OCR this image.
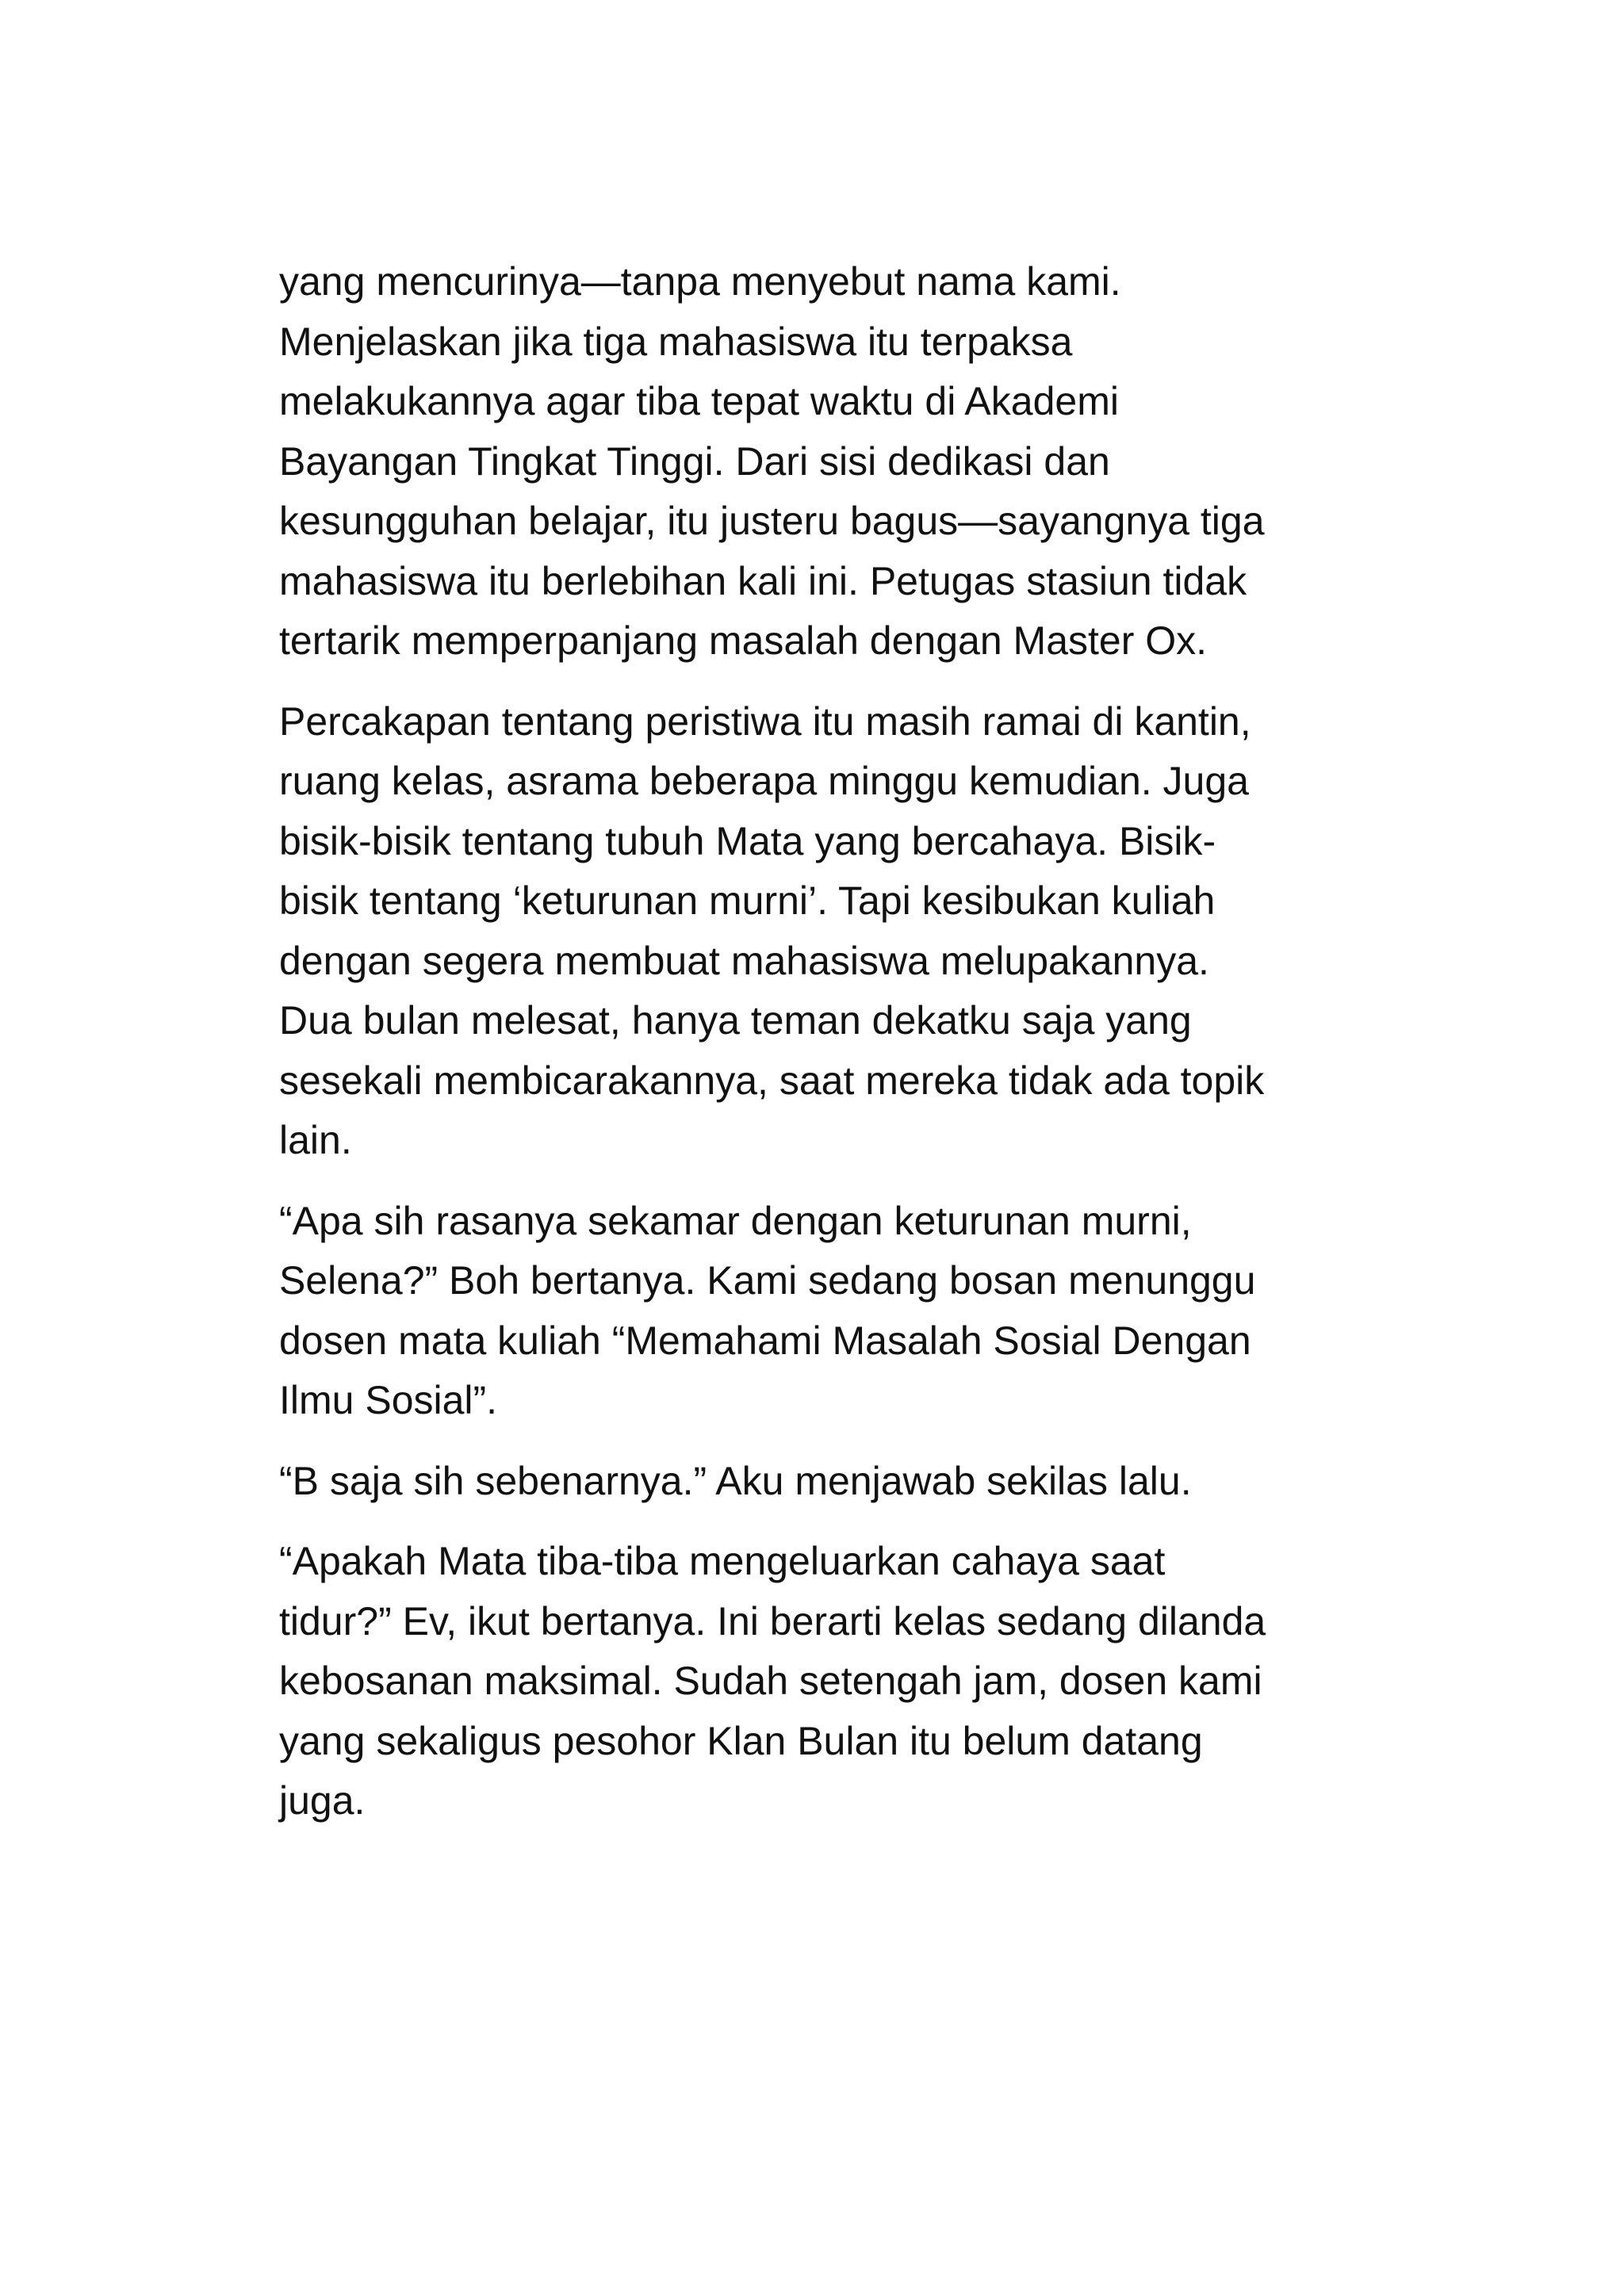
yang mencurinya—tanpa menyebut nama kami.
Menjelaskan jika tiga mahasiswa itu terpaksa
melakukannya agar tiba tepat waktu di Akademi
Bayangan Tingkat Tinggi. Dari sisi dedikasi dan
kesungguhan belajar, itu justeru bagus—sayangnya tiga
mahasiswa itu berlebihan kali ini. Petugas stasiun tidak
tertarik memperpanjang masalah dengan Master Ox.

Percakapan tentang peristiwa itu masih ramai di kantin,
ruang kelas, asrama beberapa minggu kemudian. Juga
bisik-bisik tentang tubuh Mata yang bercahaya. Bisik-
bisik tentang ‘keturunan murni’. Tapi kesibukan kuliah
dengan segera membuat mahasiswa melupakannya.
Dua bulan melesat, hanya teman dekatku saja yang
sesekali membicarakannya, saat mereka tidak ada topik
lain.

“Apa sih rasanya sekamar dengan keturunan murni,
Selena?” Boh bertanya. Kami sedang bosan menunggu
dosen mata kuliah “Memahami Masalah Sosial Dengan
Ilmu Sosial”.

“B saja sih sebenarnya.” Aku menjawab sekilas lalu.

“Apakah Mata tiba-tiba mengeluarkan cahaya saat
tidur?” Ev, ikut bertanya. Ini berarti kelas sedang dilanda
kebosanan maksimal. Sudah setengah jam, dosen kami
yang sekaligus pesohor Klan Bulan itu belum datang
juga.
